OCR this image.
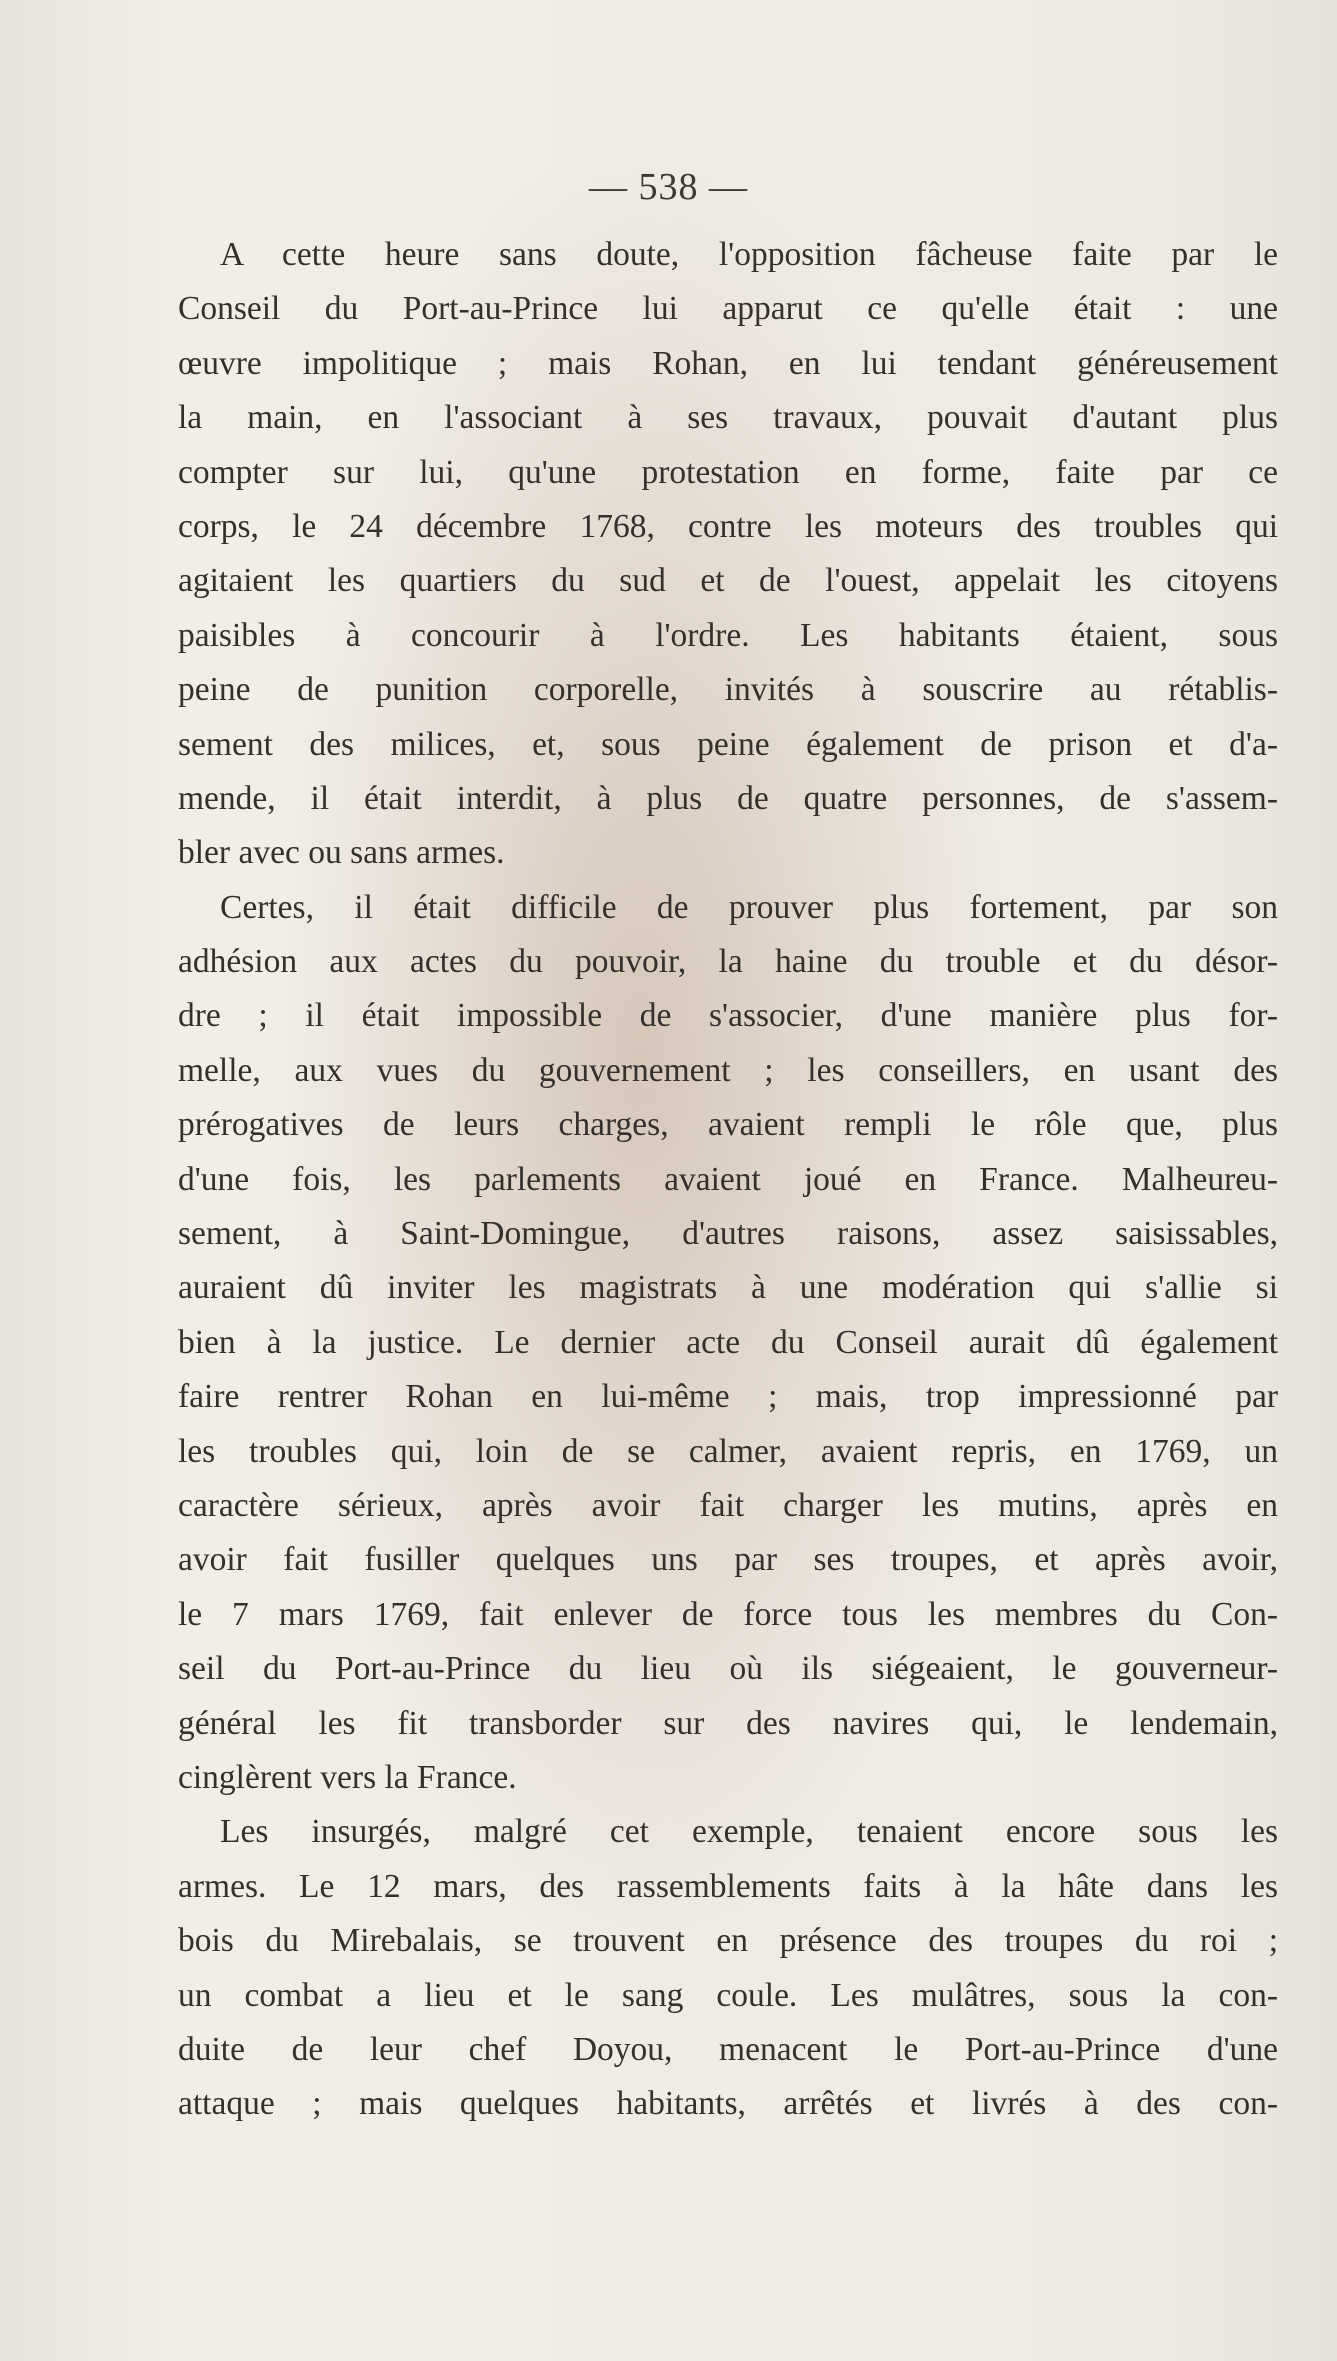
— 538 —
A cette heure sans doute, l'opposition fâcheuse faite par le
Conseil du Port-au-Prince lui apparut ce qu'elle était : une
œuvre impolitique ; mais Rohan, en lui tendant généreusement
la main, en l'associant à ses travaux, pouvait d'autant plus
compter sur lui, qu'une protestation en forme, faite par ce
corps, le 24 décembre 1768, contre les moteurs des troubles qui
agitaient les quartiers du sud et de l'ouest, appelait les citoyens
paisibles à concourir à l'ordre. Les habitants étaient, sous
peine de punition corporelle, invités à souscrire au rétablis-
sement des milices, et, sous peine également de prison et d'a-
mende, il était interdit, à plus de quatre personnes, de s'assem-
bler avec ou sans armes.
Certes, il était difficile de prouver plus fortement, par son
adhésion aux actes du pouvoir, la haine du trouble et du désor-
dre ; il était impossible de s'associer, d'une manière plus for-
melle, aux vues du gouvernement ; les conseillers, en usant des
prérogatives de leurs charges, avaient rempli le rôle que, plus
d'une fois, les parlements avaient joué en France. Malheureu-
sement, à Saint-Domingue, d'autres raisons, assez saisissables,
auraient dû inviter les magistrats à une modération qui s'allie si
bien à la justice. Le dernier acte du Conseil aurait dû également
faire rentrer Rohan en lui-même ; mais, trop impressionné par
les troubles qui, loin de se calmer, avaient repris, en 1769, un
caractère sérieux, après avoir fait charger les mutins, après en
avoir fait fusiller quelques uns par ses troupes, et après avoir,
le 7 mars 1769, fait enlever de force tous les membres du Con-
seil du Port-au-Prince du lieu où ils siégeaient, le gouverneur-
général les fit transborder sur des navires qui, le lendemain,
cinglèrent vers la France.
Les insurgés, malgré cet exemple, tenaient encore sous les
armes. Le 12 mars, des rassemblements faits à la hâte dans les
bois du Mirebalais, se trouvent en présence des troupes du roi ;
un combat a lieu et le sang coule. Les mulâtres, sous la con-
duite de leur chef Doyou, menacent le Port-au-Prince d'une
attaque ; mais quelques habitants, arrêtés et livrés à des con-
